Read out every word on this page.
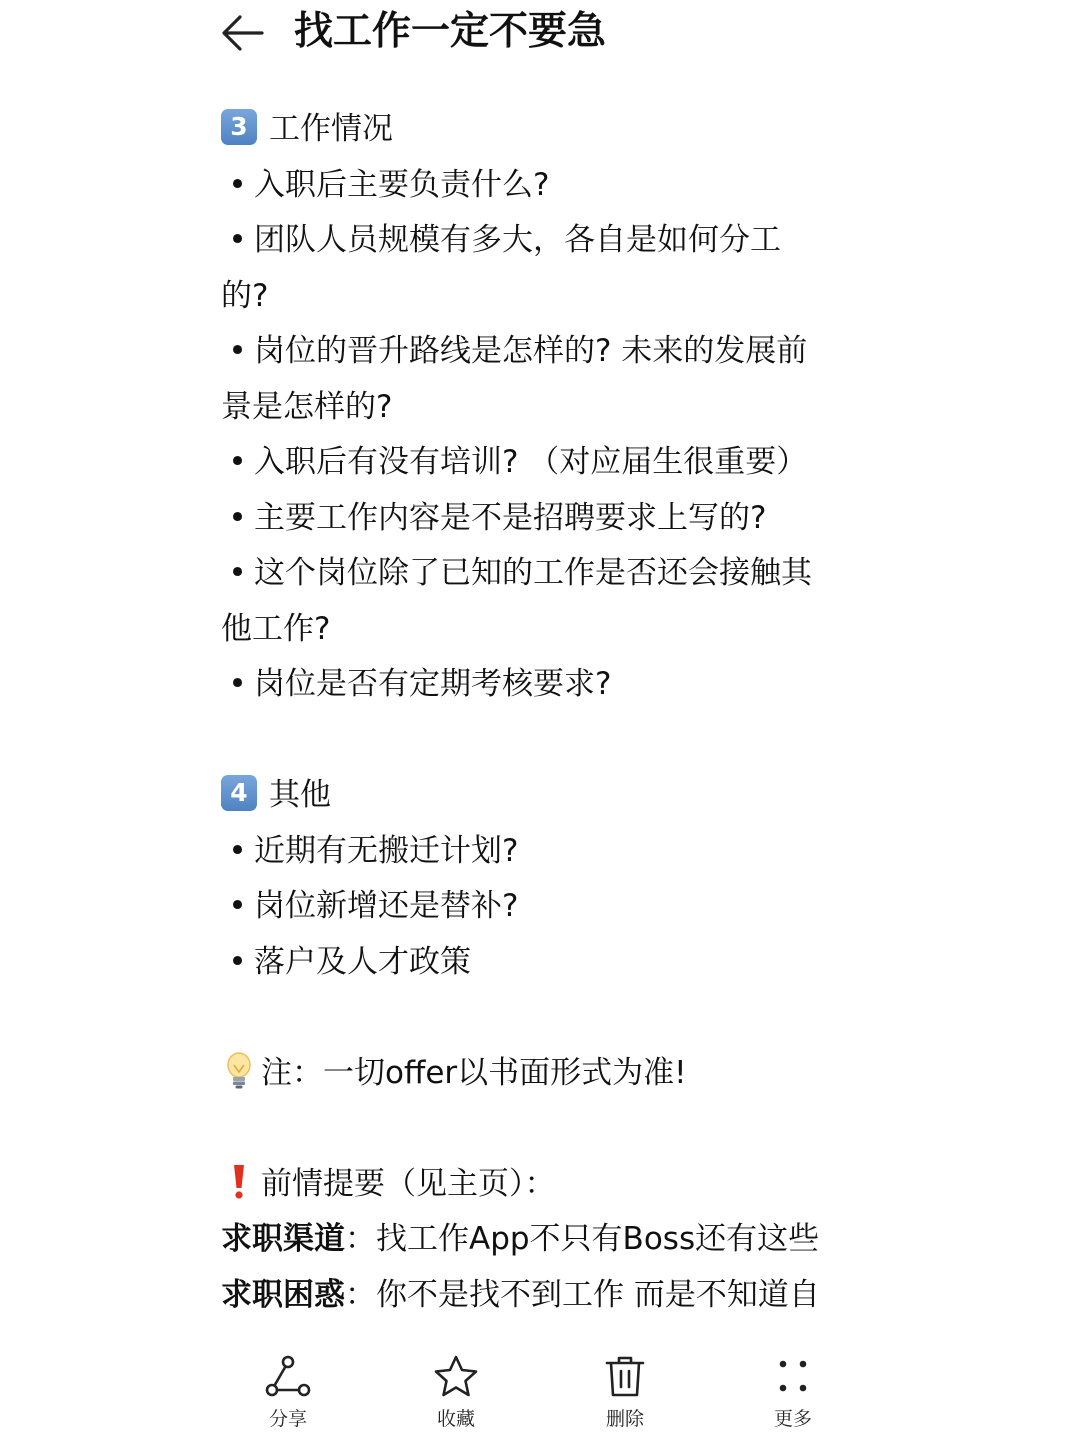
找工作一定不要急
3 工作情况
• 入职后主要负责什么?
• 团队人员规模有多大，各自是如何分工
的?
• 岗位的晋升路线是怎样的? 未来的发展前
景是怎样的?
• 入职后有没有培训? （对应届生很重要）
• 主要工作内容是不是招聘要求上写的?
• 这个岗位除了已知的工作是否还会接触其
他工作?
• 岗位是否有定期考核要求?
4 其他
• 近期有无搬迁计划?
• 岗位新增还是替补?
• 落户及人才政策
注：一切offer以书面形式为准!
前情提要（见主页）：
求职渠道：找工作App不只有Boss还有这些
求职困惑：你不是找不到工作 而是不知道自
分享	收藏	删除	更多
